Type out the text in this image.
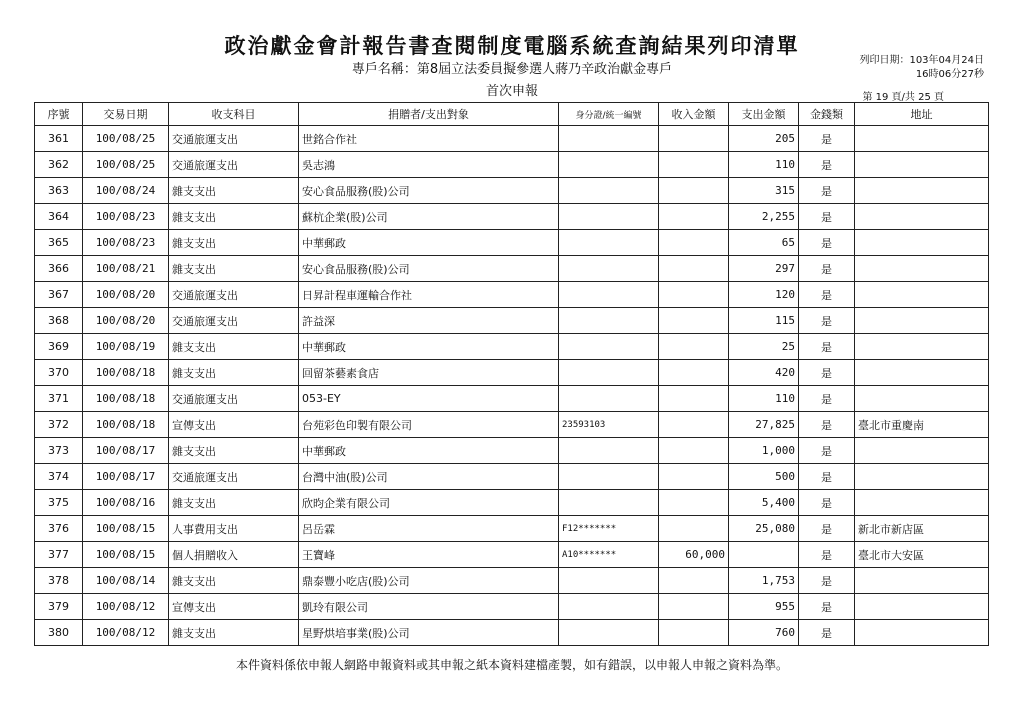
政治獻金會計報告書查閱制度電腦系統查詢結果列印清單
專戶名稱：第8屆立法委員擬參選人蔣乃辛政治獻金專戶
首次申報
列印日期：103年04月24日
16時06分27秒
第 19 頁/共 25 頁
序號	交易日期	收支科目	捐贈者/支出對象	身分證/統一編號	收入金額	支出金額	金錢類	地址
361	100/08/25	交通旅運支出	世銘合作社			205	是	
362	100/08/25	交通旅運支出	吳志鴻			110	是	
363	100/08/24	雜支支出	安心食品服務(股)公司			315	是	
364	100/08/23	雜支支出	蘇杭企業(股)公司			2,255	是	
365	100/08/23	雜支支出	中華郵政			65	是	
366	100/08/21	雜支支出	安心食品服務(股)公司			297	是	
367	100/08/20	交通旅運支出	日昇計程車運輸合作社			120	是	
368	100/08/20	交通旅運支出	許益深			115	是	
369	100/08/19	雜支支出	中華郵政			25	是	
370	100/08/18	雜支支出	回留茶藝素食店			420	是	
371	100/08/18	交通旅運支出	053-EY			110	是	
372	100/08/18	宣傳支出	台苑彩色印製有限公司	23593103		27,825	是	臺北市重慶南
373	100/08/17	雜支支出	中華郵政			1,000	是	
374	100/08/17	交通旅運支出	台灣中油(股)公司			500	是	
375	100/08/16	雜支支出	欣昀企業有限公司			5,400	是	
376	100/08/15	人事費用支出	呂岳霖	F12*******		25,080	是	新北市新店區
377	100/08/15	個人捐贈收入	王寶峰	A10*******	60,000		是	臺北市大安區
378	100/08/14	雜支支出	鼎泰豐小吃店(股)公司			1,753	是	
379	100/08/12	宣傳支出	凱玲有限公司			955	是	
380	100/08/12	雜支支出	星野烘培事業(股)公司			760	是	
本件資料係依申報人網路申報資料或其申報之紙本資料建檔產製，如有錯誤，以申報人申報之資料為準。
